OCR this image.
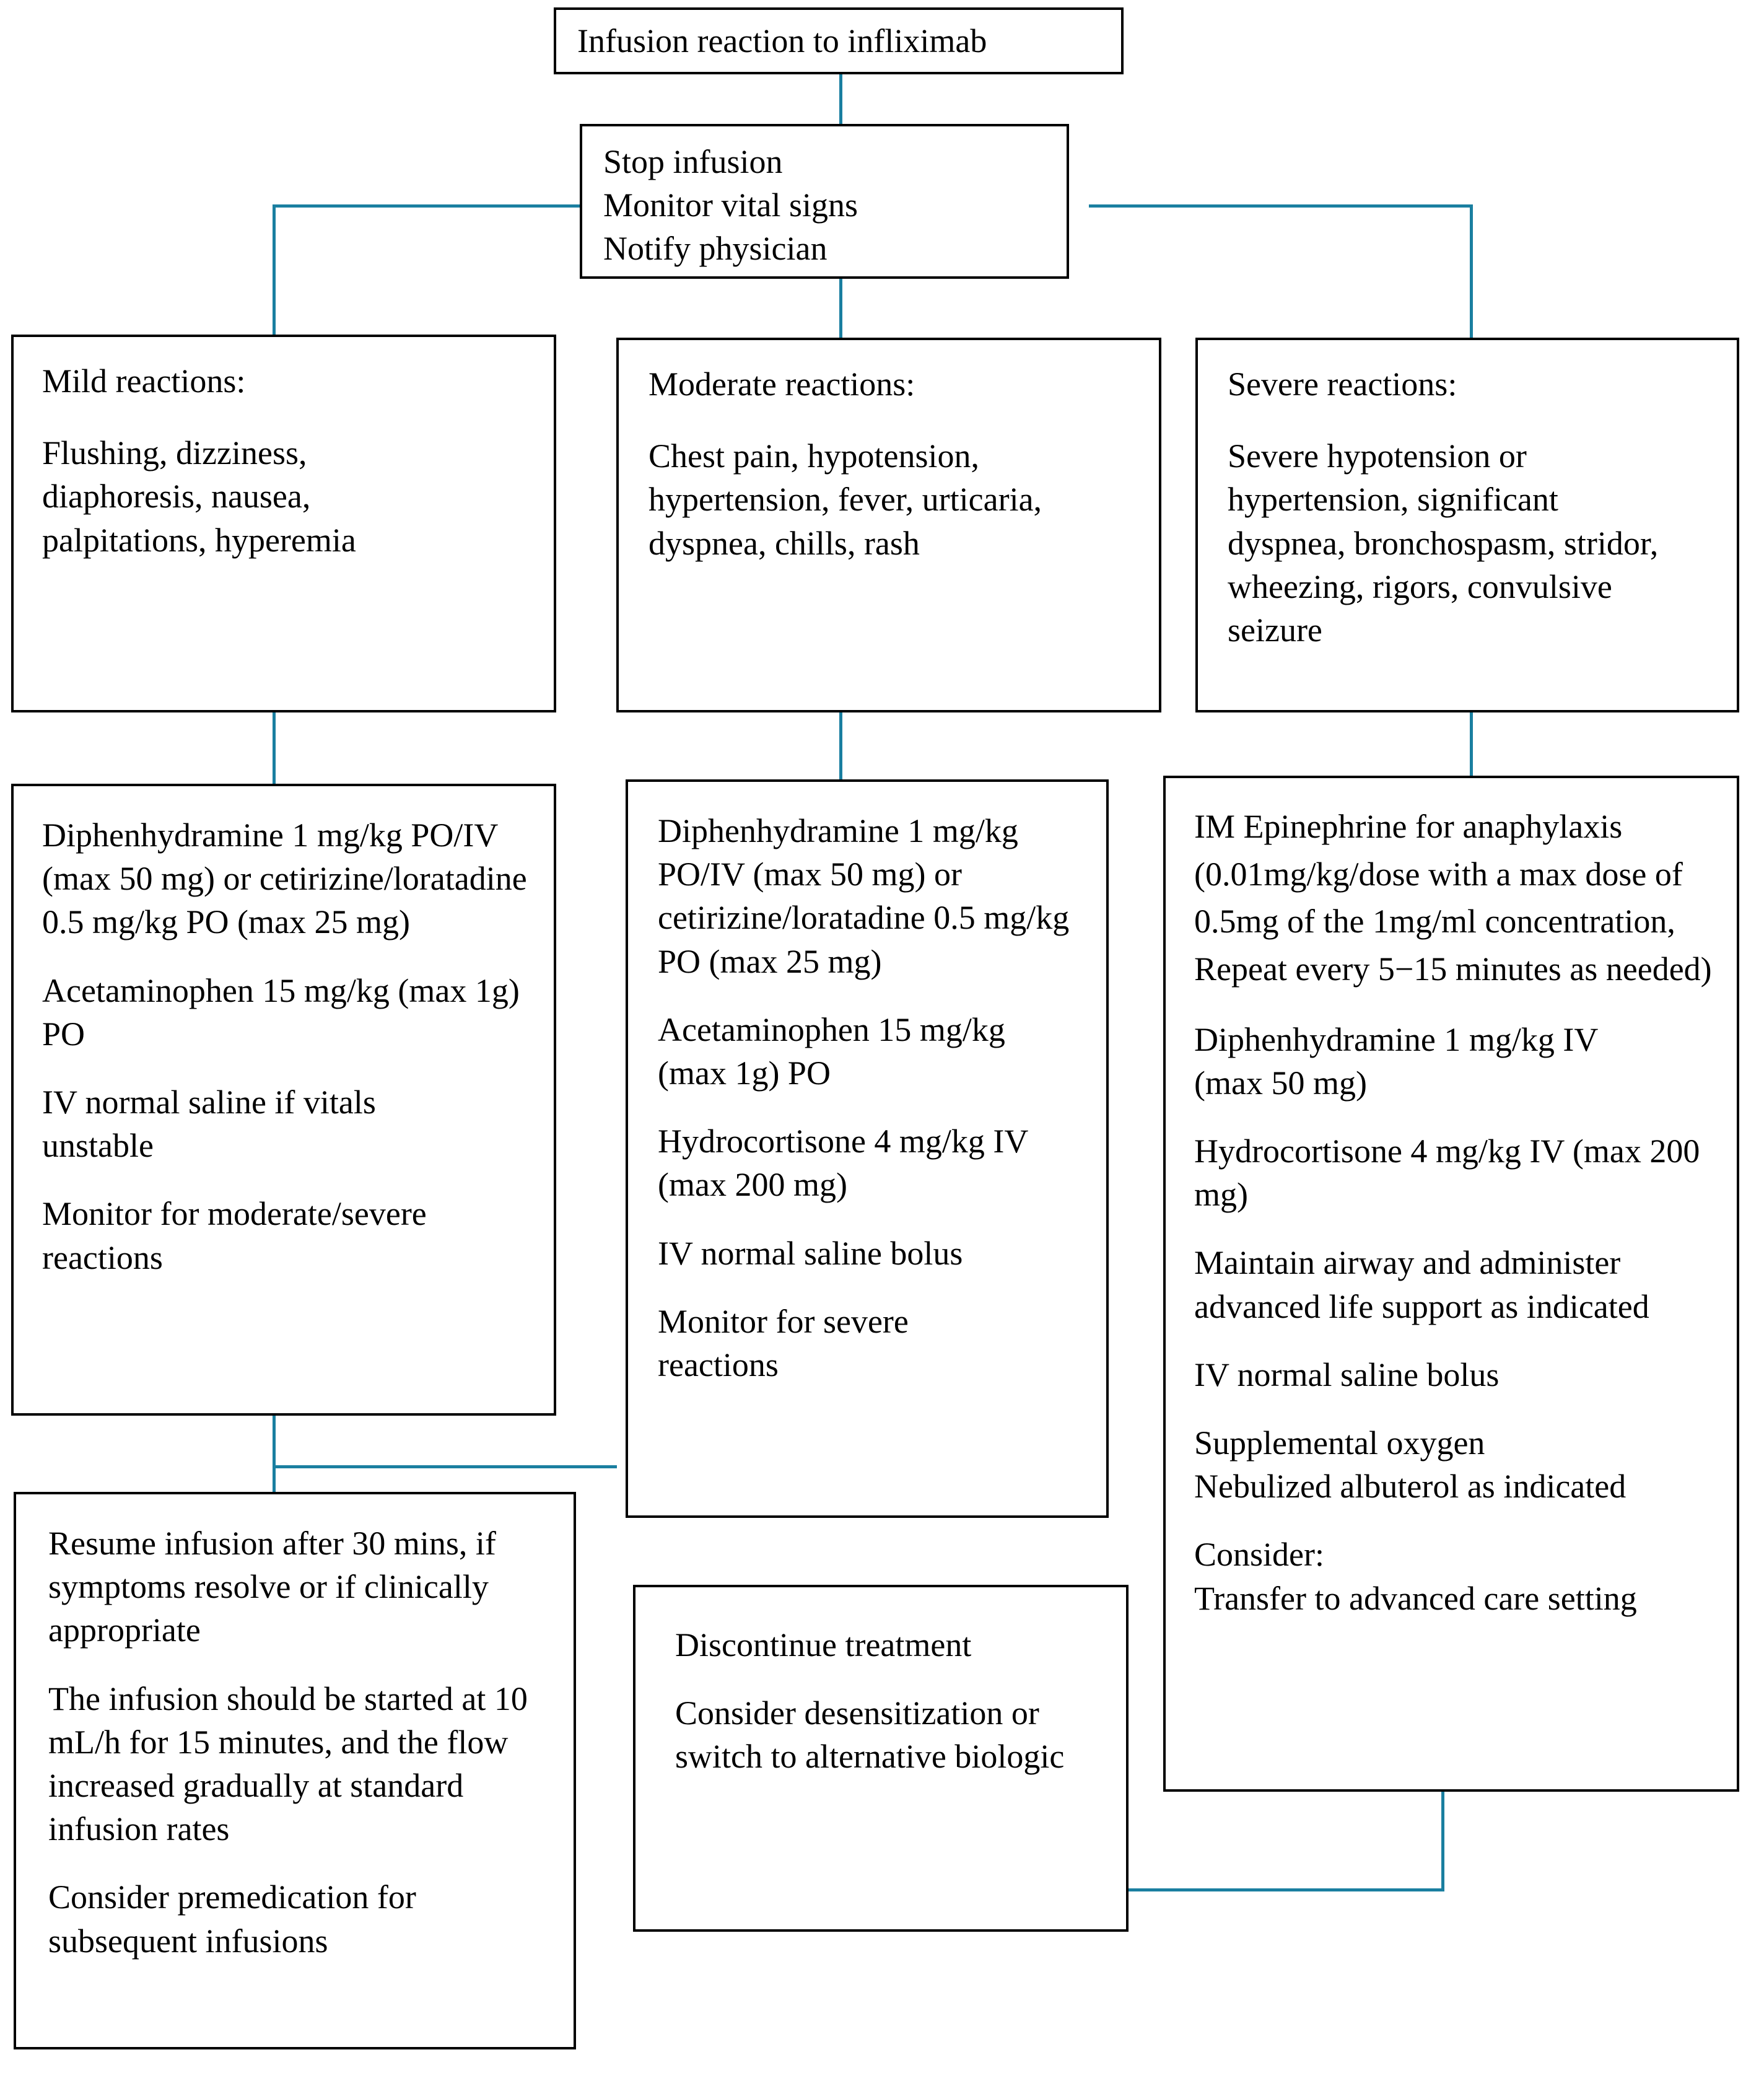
Infusion reaction to infliximab
Stop infusion
Monitor vital signs
Notify physician
Mild reactions:
Flushing, dizziness, diaphoresis, nausea, palpitations, hyperemia
Moderate reactions:
Chest pain, hypotension, hypertension, fever, urticaria, dyspnea, chills, rash
Severe reactions:
Severe hypotension or hypertension, significant dyspnea, bronchospasm, stridor, wheezing, rigors, convulsive seizure

Diphenhydramine 1 mg/kg PO/IV (max 50 mg) or cetirizine/loratadine 0.5 mg/kg PO (max 25 mg)

Acetaminophen 15 mg/kg (max 1g) PO

IV normal saline if vitals unstable

Monitor for moderate/severe reactions

Diphenhydramine 1 mg/kg PO/IV (max 50 mg) or cetirizine/loratadine 0.5 mg/kg PO (max 25 mg)

Acetaminophen 15 mg/kg (max 1g) PO

Hydrocortisone 4 mg/kg IV (max 200 mg)

IV normal saline bolus

Monitor for severe reactions

IM Epinephrine for anaphylaxis (0.01mg/kg/dose with a max dose of 0.5mg of the 1mg/ml concentration, Repeat every 5−15 minutes as needed)

Diphenhydramine 1 mg/kg IV (max 50 mg)

Hydrocortisone 4 mg/kg IV (max 200 mg)

Maintain airway and administer advanced life support as indicated

IV normal saline bolus

Supplemental oxygen

Nebulized albuterol as indicated

Consider:

Transfer to advanced care setting

Resume infusion after 30 mins, if symptoms resolve or if clinically appropriate

The infusion should be started at 10 mL/h for 15 minutes, and the flow increased gradually at standard infusion rates

Consider premedication for subsequent infusions

Discontinue treatment

Consider desensitization or switch to alternative biologic
